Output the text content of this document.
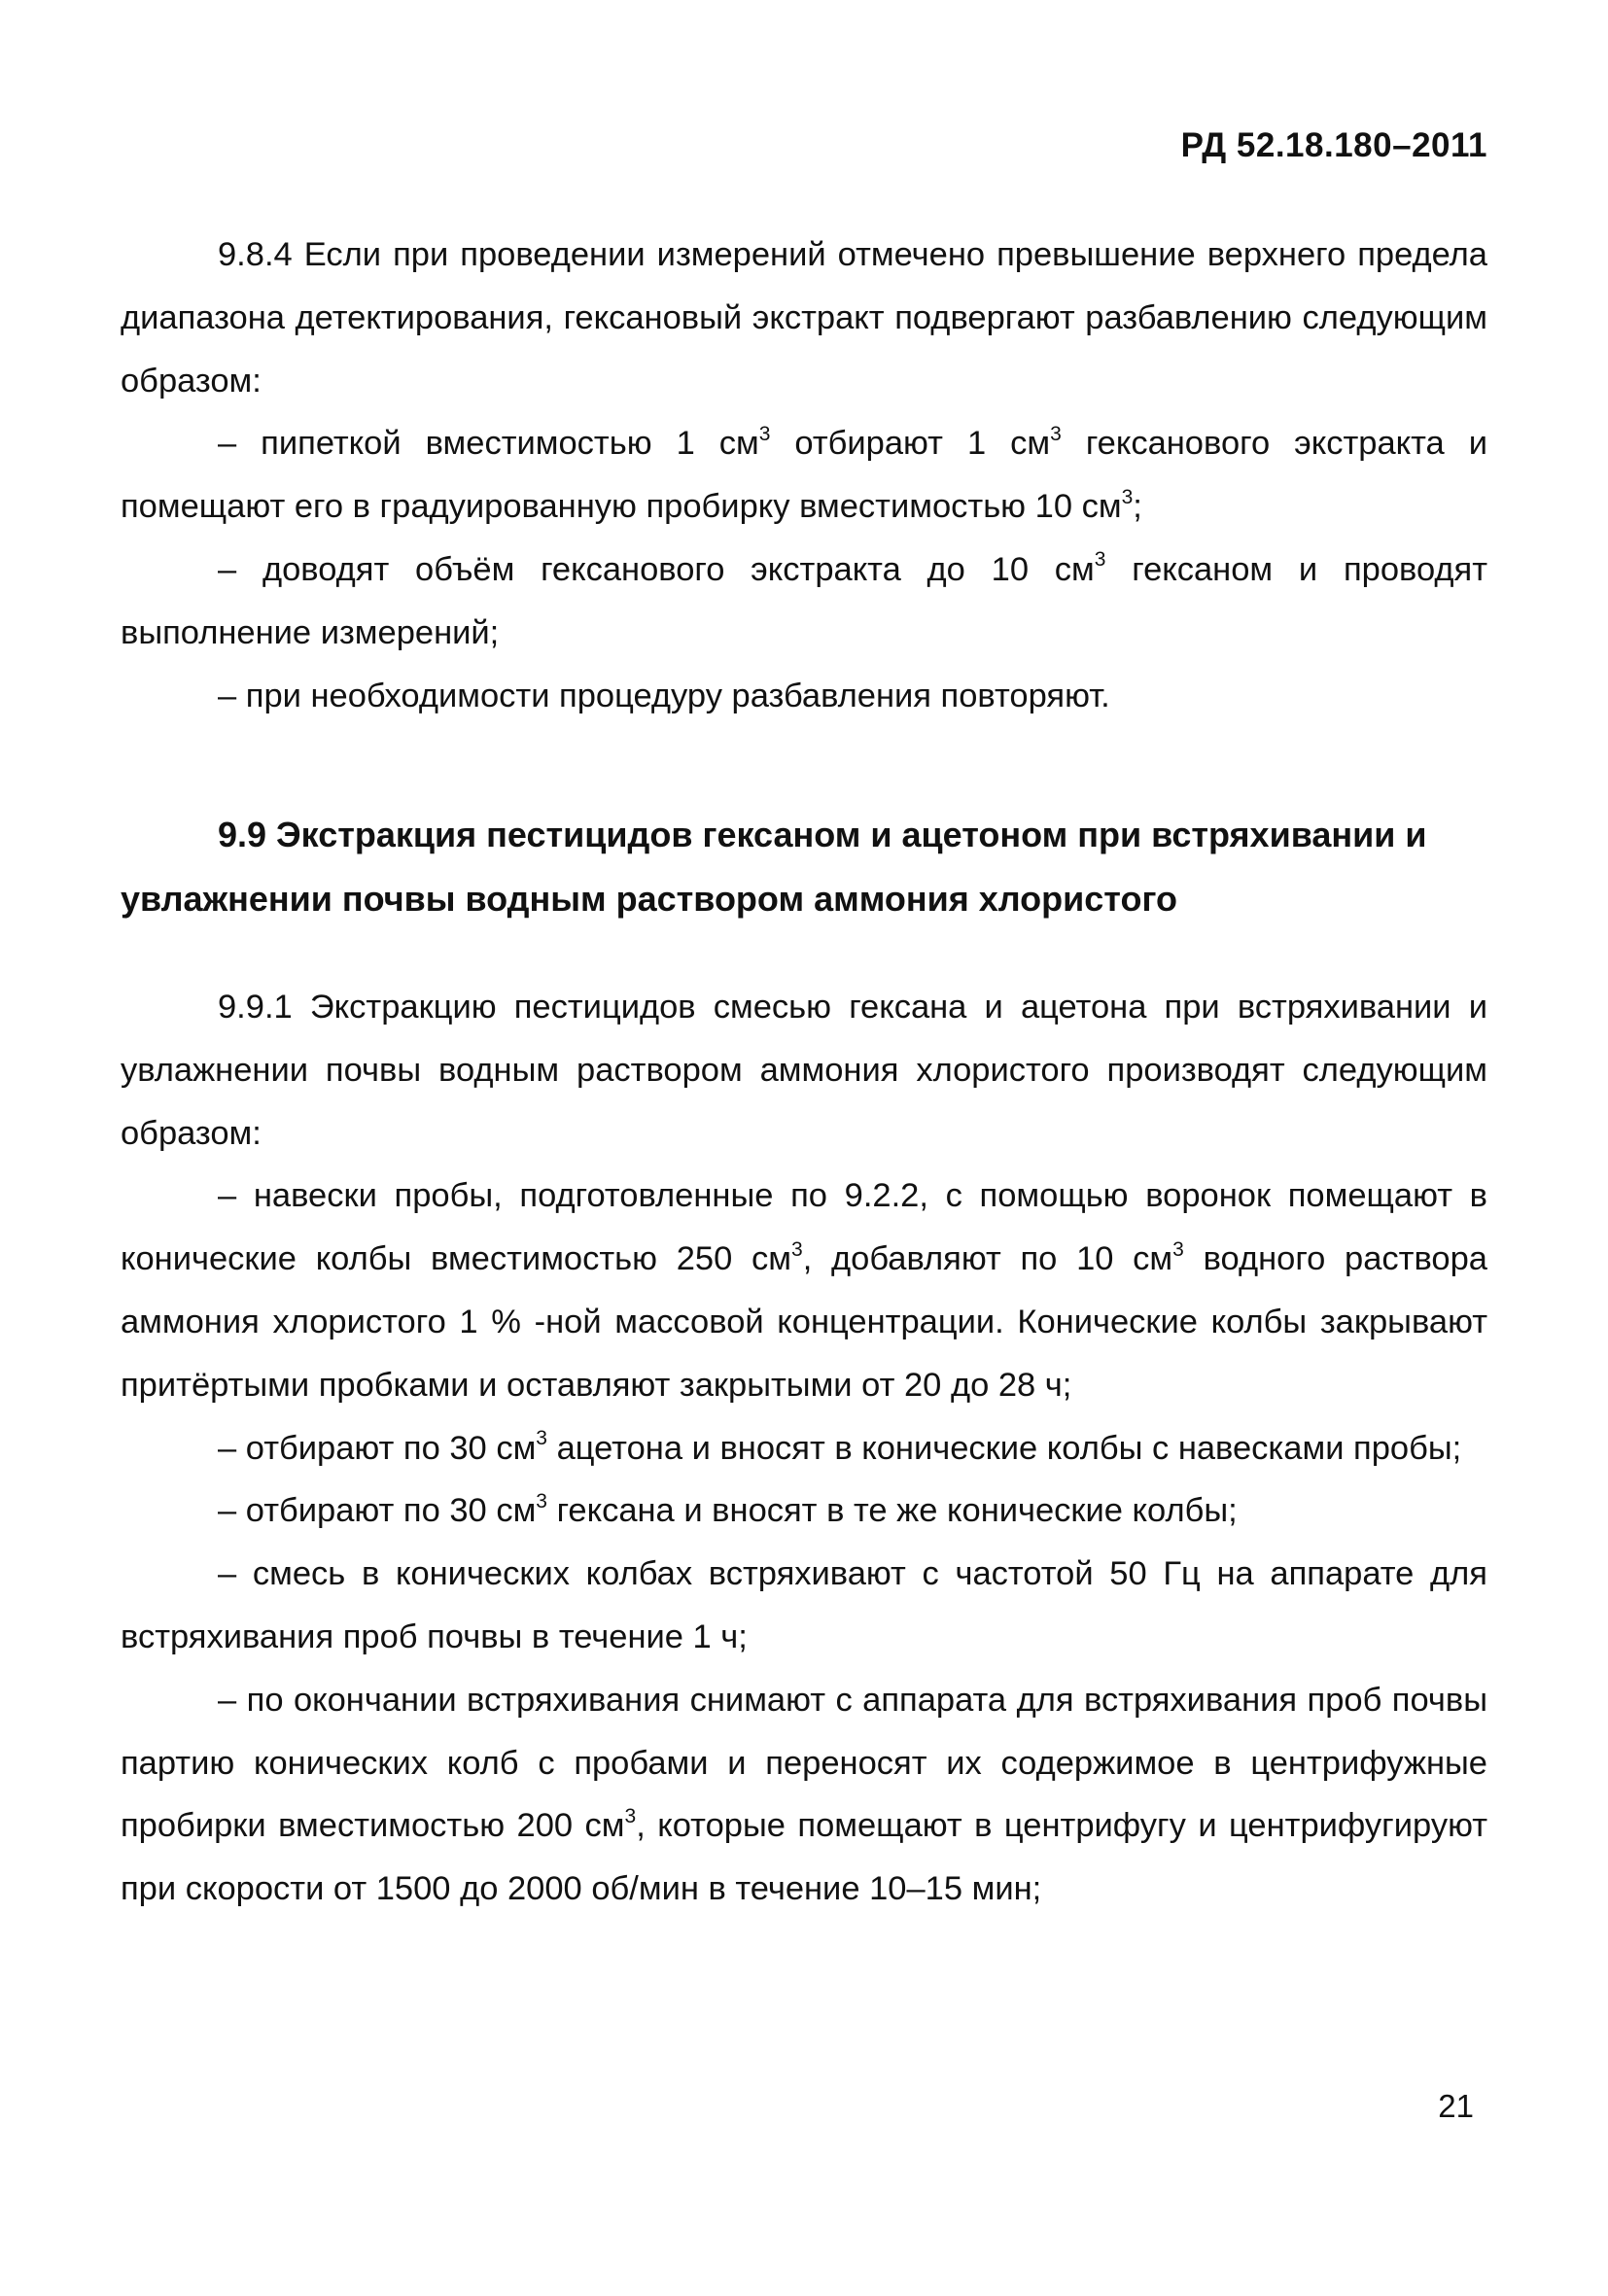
РД 52.18.180–2011

9.8.4 Если при проведении измерений отмечено превышение верхнего предела диапазона детектирования, гексановый экстракт подвергают разбавлению следующим образом:

– пипеткой вместимостью 1 $см^3$ отбирают 1 $см^3$ гексанового экстракта и помещают его в градуированную пробирку вместимостью 10 $см^3$;

– доводят объём гексанового экстракта до 10 $см^3$ гексаном и проводят выполнение измерений;

– при необходимости процедуру разбавления повторяют.

9.9 Экстракция пестицидов гексаном и ацетоном при встряхивании и увлажнении почвы водным раствором аммония хлористого

9.9.1 Экстракцию пестицидов смесью гексана и ацетона при встряхивании и увлажнении почвы водным раствором аммония хлористого производят следующим образом:

– навески пробы, подготовленные по 9.2.2, с помощью воронок помещают в конические колбы вместимостью 250 $см^3$, добавляют по 10 $см^3$ водного раствора аммония хлористого 1 % -ной массовой концентрации. Конические колбы закрывают притёртыми пробками и оставляют закрытыми от 20 до 28 ч;

– отбирают по 30 $см^3$ ацетона и вносят в конические колбы с навесками пробы;

– отбирают по 30 $см^3$ гексана и вносят в те же конические колбы;

– смесь в конических колбах встряхивают с частотой 50 Гц на аппарате для встряхивания проб почвы в течение 1 ч;

– по окончании встряхивания снимают с аппарата для встряхивания проб почвы партию конических колб с пробами и переносят их содержимое в центрифужные пробирки вместимостью 200 $см^3$, которые помещают в центрифугу и центрифугируют при скорости от 1500 до 2000 об/мин в течение 10–15 мин;

21
